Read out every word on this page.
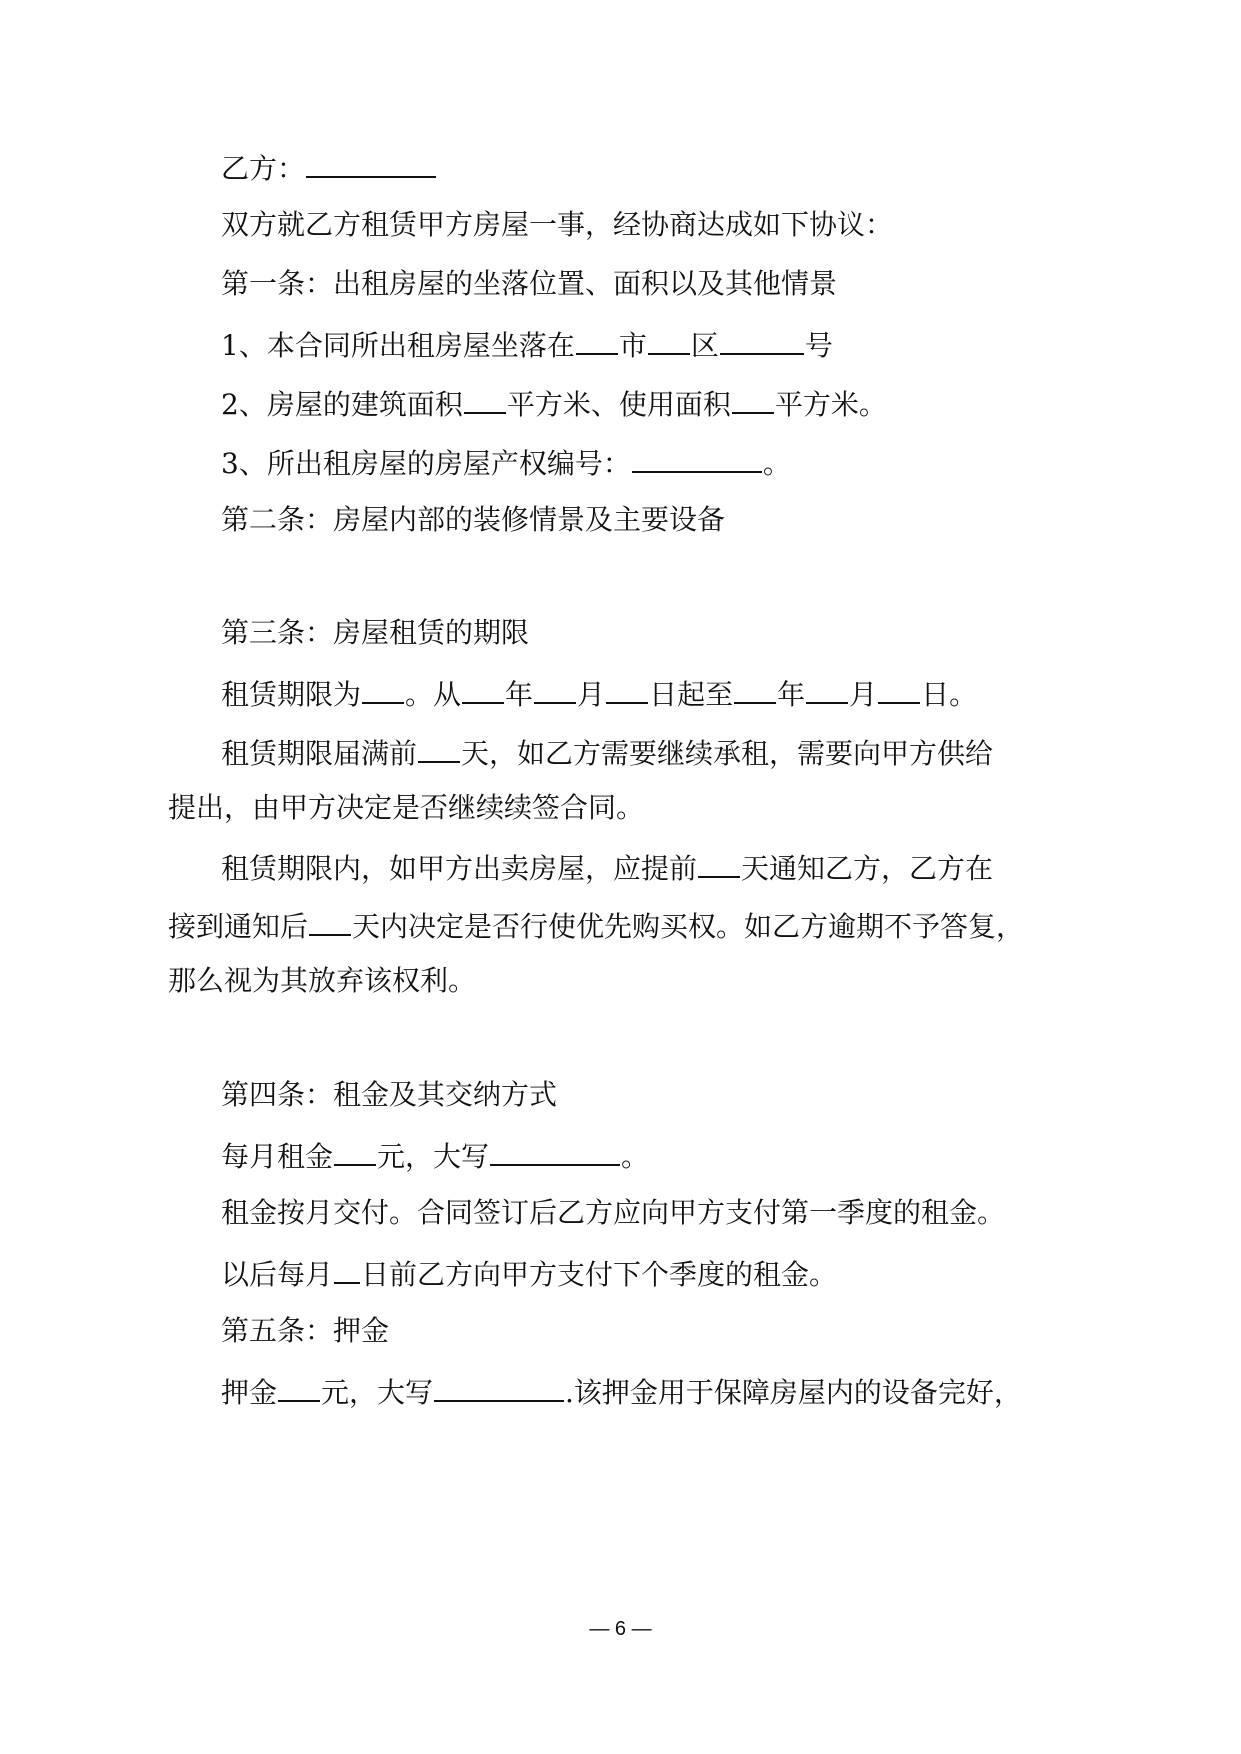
乙方：
双方就乙方租赁甲方房屋一事，经协商达成如下协议：
第一条：出租房屋的坐落位置、面积以及其他情景
1、本合同所出租房屋坐落在 市 区	号
2、房屋的建筑面积 平方米、使用面积 平方米。
3、所出租房屋的房屋产权编号：	。
第二条：房屋内部的装修情景及主要设备
第三条：房屋租赁的期限
租赁期限为 。从 年 月 日起至 年 月 日。
租赁期限届满前 天，如乙方需要继续承租，需要向甲方供给
提出，由甲方决定是否继续续签合同。
租赁期限内，如甲方出卖房屋，应提前 天通知乙方，乙方在
接到通知后 天内决定是否行使优先购买权。如乙方逾期不予答复，
那么视为其放弃该权利。
第四条：租金及其交纳方式
每月租金 元，大写	。
租金按月交付。合同签订后乙方应向甲方支付第一季度的租金。
以后每月 日前乙方向甲方支付下个季度的租金。
第五条：押金
押金 元，大写	.该押金用于保障房屋内的设备完好，
— 6 —
